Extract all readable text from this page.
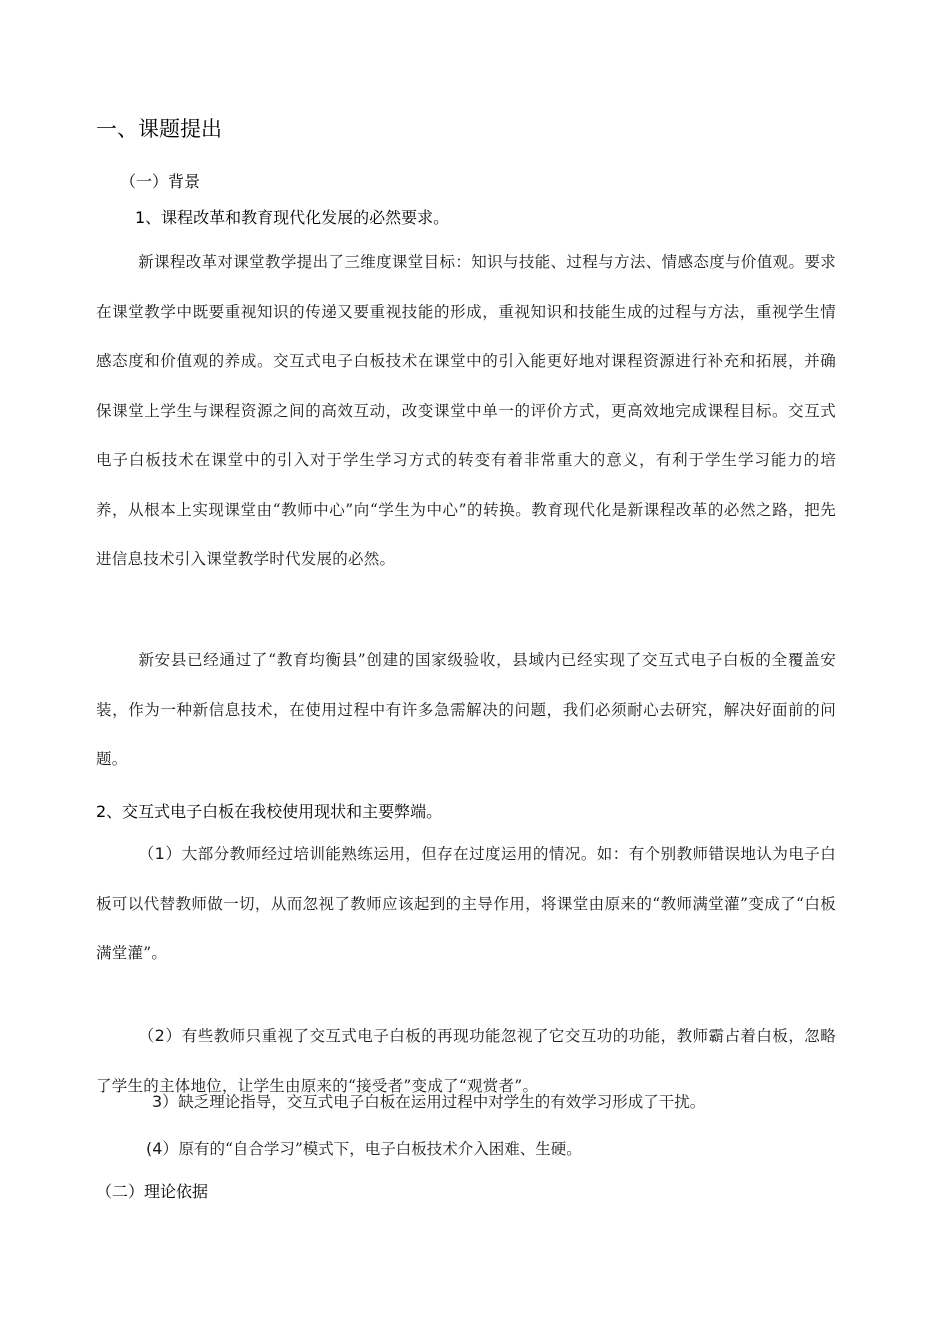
一、课题提出
（一）背景
1、课程改革和教育现代化发展的必然要求。

新课程改革对课堂教学提出了三维度课堂目标：知识与技能、过程与方法、情感态度与价值观。要求在课堂教学中既要重视知识的传递又要重视技能的形成，重视知识和技能生成的过程与方法，重视学生情感态度和价值观的养成。交互式电子白板技术在课堂中的引入能更好地对课程资源进行补充和拓展，并确保课堂上学生与课程资源之间的高效互动，改变课堂中单一的评价方式，更高效地完成课程目标。交互式电子白板技术在课堂中的引入对于学生学习方式的转变有着非常重大的意义，有利于学生学习能力的培养，从根本上实现课堂由“教师中心”向“学生为中心”的转换。教育现代化是新课程改革的必然之路，把先进信息技术引入课堂教学时代发展的必然。

新安县已经通过了“教育均衡县”创建的国家级验收，县域内已经实现了交互式电子白板的全覆盖安装，作为一种新信息技术，在使用过程中有许多急需解决的问题，我们必须耐心去研究，解决好面前的问题。

2、交互式电子白板在我校使用现状和主要弊端。

（1）大部分教师经过培训能熟练运用，但存在过度运用的情况。如：有个别教师错误地认为电子白板可以代替教师做一切，从而忽视了教师应该起到的主导作用，将课堂由原来的“教师满堂灌”变成了“白板满堂灌”。

（2）有些教师只重视了交互式电子白板的再现功能忽视了它交互功的功能，教师霸占着白板，忽略了学生的主体地位，让学生由原来的“接受者”变成了“观赏者”。

3）缺乏理论指导，交互式电子白板在运用过程中对学生的有效学习形成了干扰。
(4）原有的“自合学习”模式下，电子白板技术介入困难、生硬。
（二）理论依据
